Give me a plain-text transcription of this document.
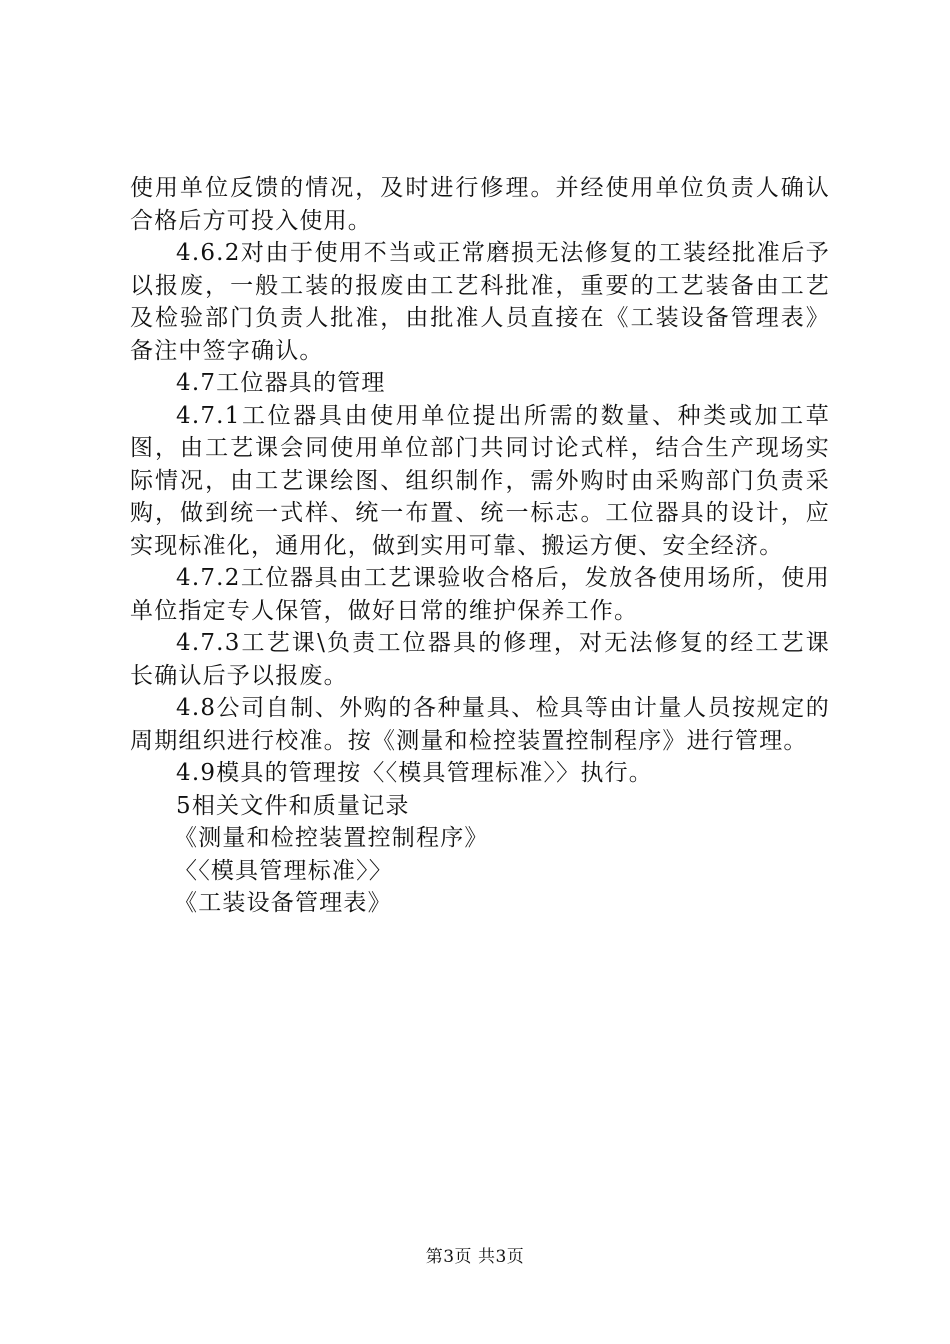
使用单位反馈的情况，及时进行修理。并经使用单位负责人确认合格后方可投入使用。

4.6.2对由于使用不当或正常磨损无法修复的工装经批准后予以报废，一般工装的报废由工艺科批准，重要的工艺装备由工艺及检验部门负责人批准，由批准人员直接在《工装设备管理表》备注中签字确认。

4.7工位器具的管理

4.7.1工位器具由使用单位提出所需的数量、种类或加工草图，由工艺课会同使用单位部门共同讨论式样，结合生产现场实际情况，由工艺课绘图、组织制作，需外购时由采购部门负责采购，做到统一式样、统一布置、统一标志。工位器具的设计，应实现标准化，通用化，做到实用可靠、搬运方便、安全经济。

4.7.2工位器具由工艺课验收合格后，发放各使用场所，使用单位指定专人保管，做好日常的维护保养工作。

4.7.3工艺课\负责工位器具的修理，对无法修复的经工艺课长确认后予以报废。

4.8公司自制、外购的各种量具、检具等由计量人员按规定的周期组织进行校准。按《测量和检控装置控制程序》进行管理。

4.9模具的管理按〈〈模具管理标准〉〉执行。

5相关文件和质量记录

《测量和检控装置控制程序》

〈〈模具管理标准〉〉

《工装设备管理表》

第3页 共3页
